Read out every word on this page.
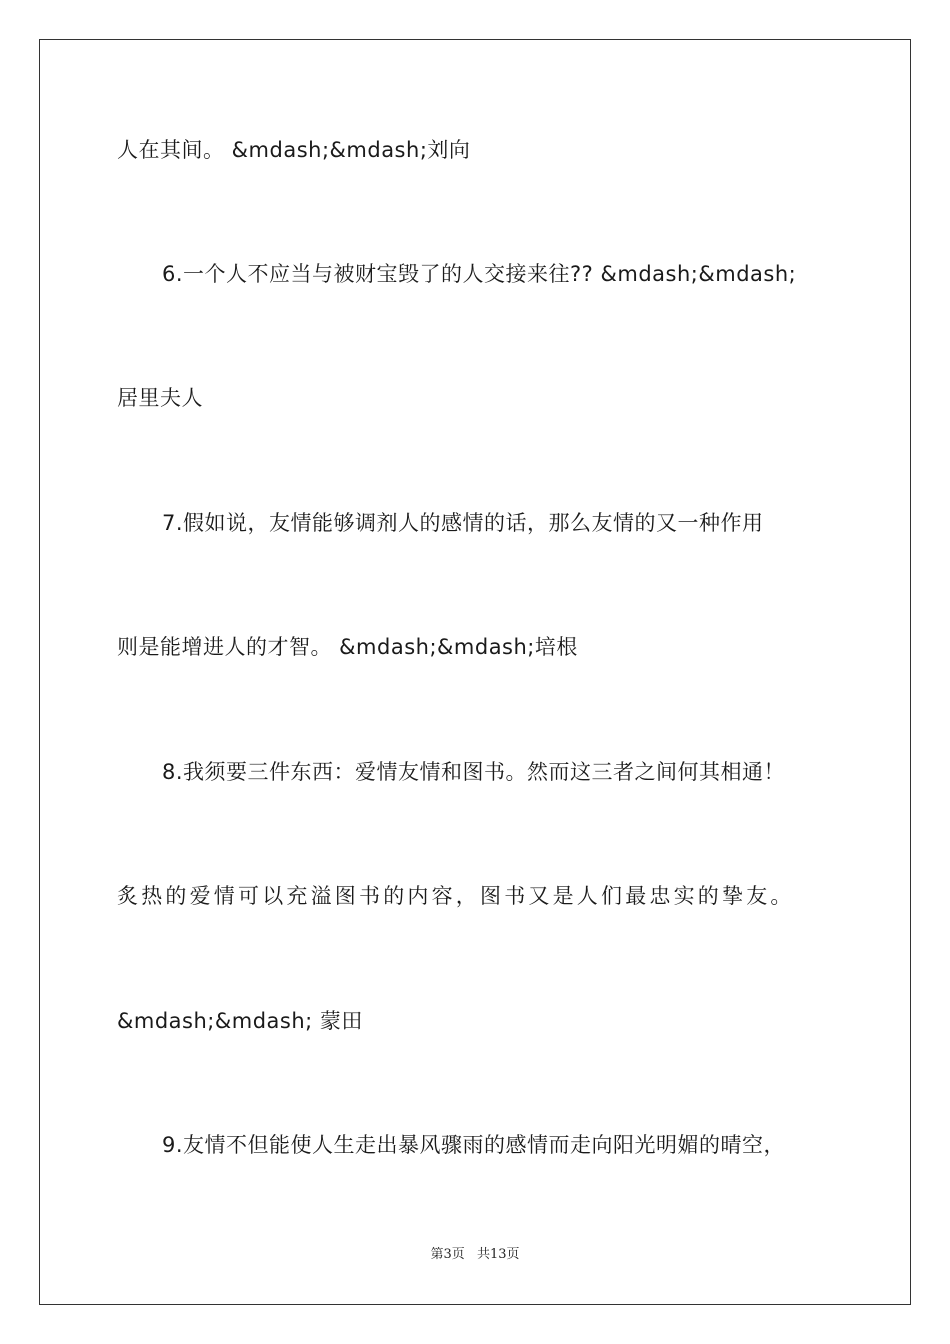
人在其间。 &mdash;&mdash;刘向
6.一个人不应当与被财宝毁了的人交接来往?? &mdash;&mdash;
居里夫人
7.假如说，友情能够调剂人的感情的话，那么友情的又一种作用
则是能增进人的才智。 &mdash;&mdash;培根
8.我须要三件东西：爱情友情和图书。然而这三者之间何其相通！
炙热的爱情可以充溢图书的内容，图书又是人们最忠实的挚友。
&mdash;&mdash; 蒙田
9.友情不但能使人生走出暴风骤雨的感情而走向阳光明媚的晴空，
第3页 共13页
